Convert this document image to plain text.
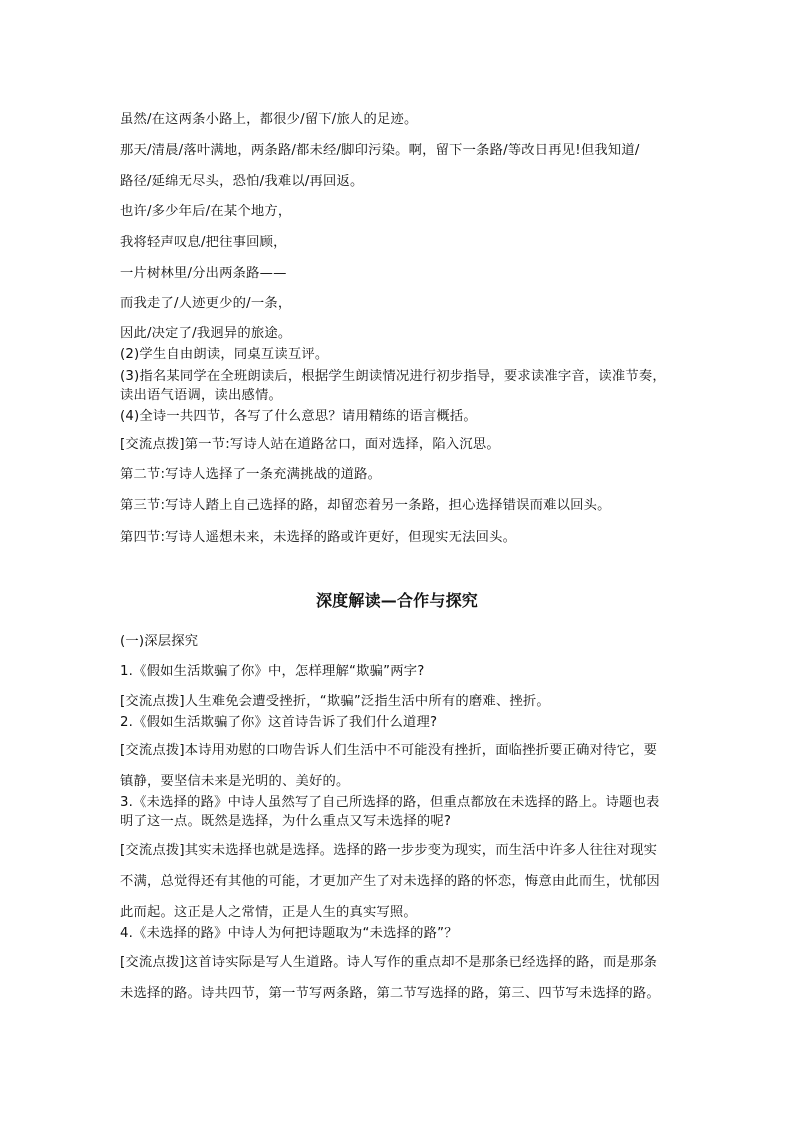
虽然/在这两条小路上，都很少/留下/旅人的足迹。
那天/清晨/落叶满地，两条路/都未经/脚印污染。啊，留下一条路/等改日再见!但我知道/
路径/延绵无尽头，恐怕/我难以/再回返。
也许/多少年后/在某个地方，
我将轻声叹息/把往事回顾，
一片树林里/分出两条路——
而我走了/人迹更少的/一条，
因此/决定了/我迥异的旅途。
(2)学生自由朗读，同桌互读互评。
(3)指名某同学在全班朗读后，根据学生朗读情况进行初步指导，要求读准字音，读准节奏，
读出语气语调，读出感情。
(4)全诗一共四节，各写了什么意思？请用精练的语言概括。
[交流点拨]第一节:写诗人站在道路岔口，面对选择，陷入沉思。
第二节:写诗人选择了一条充满挑战的道路。
第三节:写诗人踏上自己选择的路，却留恋着另一条路，担心选择错误而难以回头。
第四节:写诗人遥想未来，未选择的路或许更好，但现实无法回头。
深度解读—合作与探究
(一)深层探究
1.《假如生活欺骗了你》中，怎样理解“欺骗”两字?
[交流点拨]人生难免会遭受挫折，“欺骗”泛指生活中所有的磨难、挫折。
2.《假如生活欺骗了你》这首诗告诉了我们什么道理?
[交流点拨]本诗用劝慰的口吻告诉人们生活中不可能没有挫折，面临挫折要正确对待它，要
镇静，要坚信未来是光明的、美好的。
3.《未选择的路》中诗人虽然写了自己所选择的路，但重点都放在未选择的路上。诗题也表
明了这一点。既然是选择，为什么重点又写未选择的呢?
[交流点拨]其实未选择也就是选择。选择的路一步步变为现实，而生活中许多人往往对现实
不满，总觉得还有其他的可能，才更加产生了对未选择的路的怀恋，悔意由此而生，忧郁因
此而起。这正是人之常情，正是人生的真实写照。
4.《未选择的路》中诗人为何把诗题取为“未选择的路”？
[交流点拨]这首诗实际是写人生道路。诗人写作的重点却不是那条已经选择的路，而是那条
未选择的路。诗共四节，第一节写两条路，第二节写选择的路，第三、四节写未选择的路。
